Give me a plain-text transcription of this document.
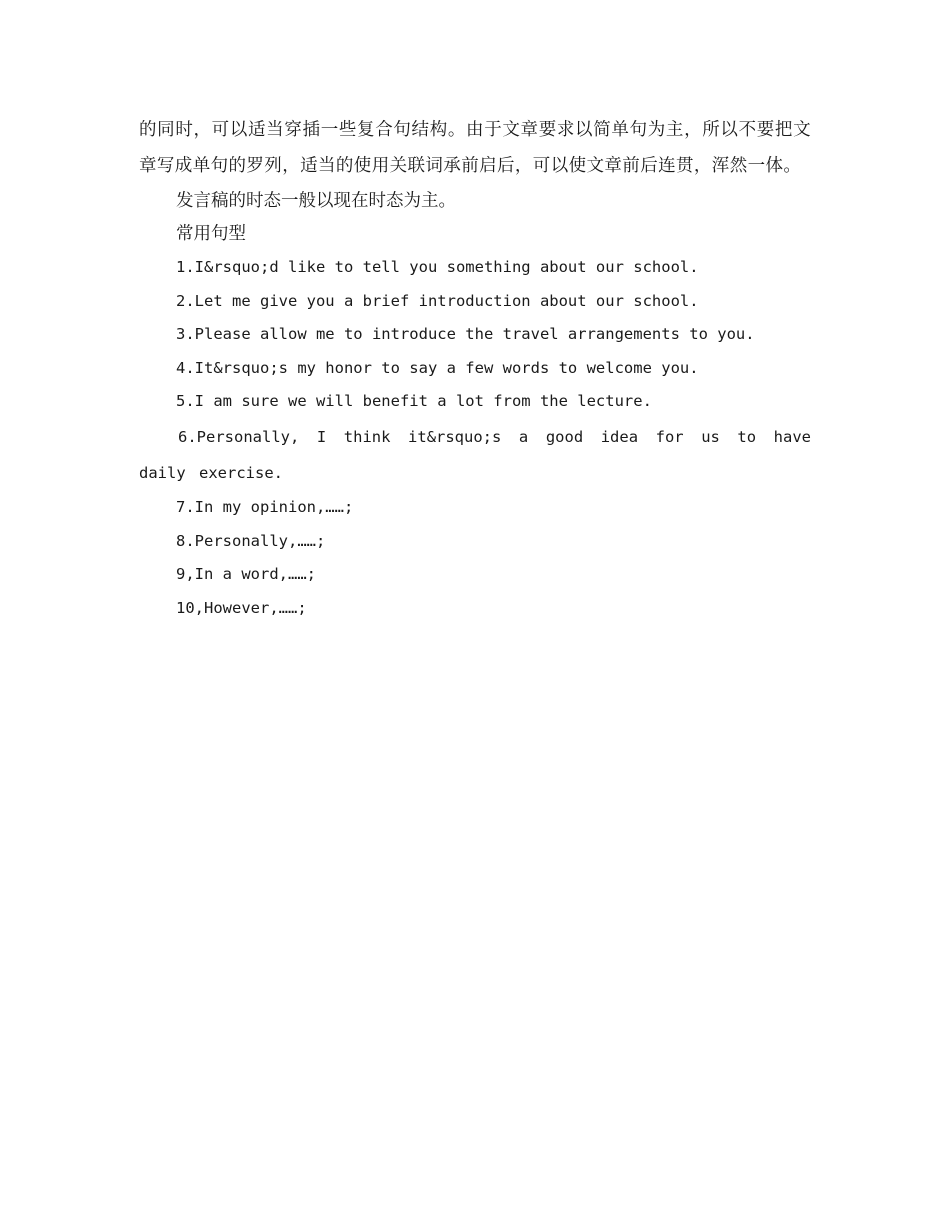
的同时，可以适当穿插一些复合句结构。由于文章要求以简单句为主，所以不要把文章写成单句的罗列，适当的使用关联词承前启后，可以使文章前后连贯，浑然一体。

发言稿的时态一般以现在时态为主。

常用句型

1.I&rsquo;d like to tell you something about our school.

2.Let me give you a brief introduction about our school.

3.Please allow me to introduce the travel arrangements to you.

4.It&rsquo;s my honor to say a few words to welcome you.

5.I am sure we will benefit a lot from the lecture.

6.Personally, I think it&rsquo;s a good idea for us to have daily exercise.

7.In my opinion,……;

8.Personally,……;

9,In a word,……;

10,However,……;
